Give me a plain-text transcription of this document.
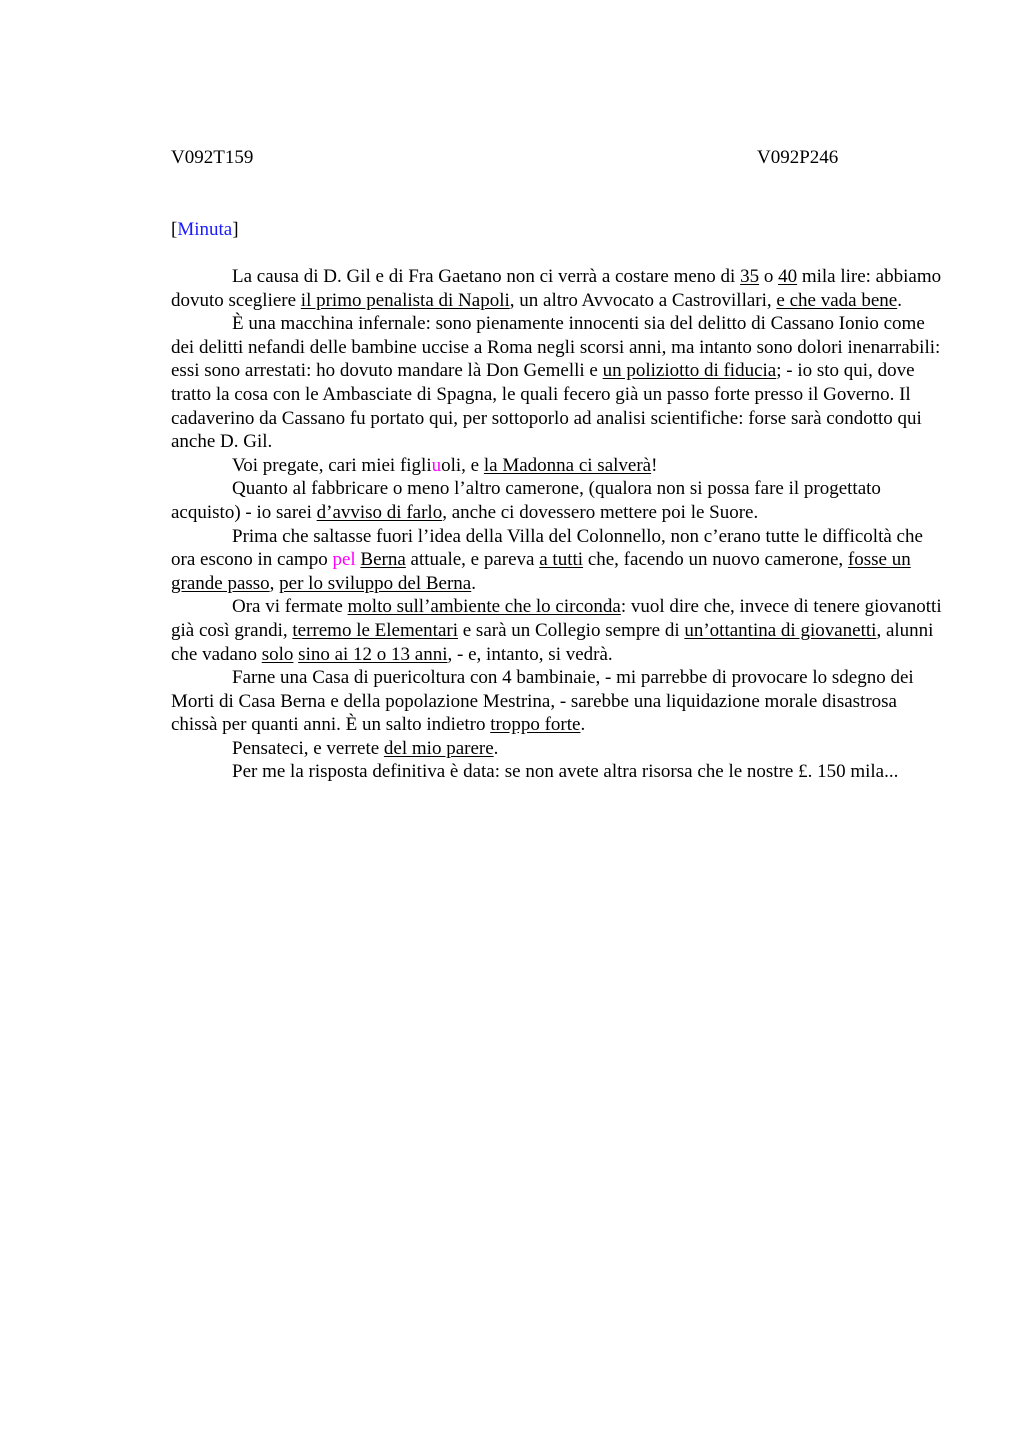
V092T159	V092P246
[Minuta]

La causa di D. Gil e di Fra Gaetano non ci verrà a costare meno di 35 o 40 mila lire: abbiamo dovuto scegliere il primo penalista di Napoli, un altro Avvocato a Castrovillari, e che vada bene.

È una macchina infernale: sono pienamente innocenti sia del delitto di Cassano Ionio come dei delitti nefandi delle bambine uccise a Roma negli scorsi anni, ma intanto sono dolori inenarrabili: essi sono arrestati: ho dovuto mandare là Don Gemelli e un poliziotto di fiducia; - io sto qui, dove tratto la cosa con le Ambasciate di Spagna, le quali fecero già un passo forte presso il Governo. Il cadaverino da Cassano fu portato qui, per sottoporlo ad analisi scientifiche: forse sarà condotto qui anche D. Gil.

Voi pregate, cari miei figliuoli, e la Madonna ci salverà!

Quanto al fabbricare o meno l’altro camerone, (qualora non si possa fare il progettato acquisto) - io sarei d’avviso di farlo, anche ci dovessero mettere poi le Suore.

Prima che saltasse fuori l’idea della Villa del Colonnello, non c’erano tutte le difficoltà che ora escono in campo pel Berna attuale, e pareva a tutti che, facendo un nuovo camerone, fosse un grande passo, per lo sviluppo del Berna.

Ora vi fermate molto sull’ambiente che lo circonda: vuol dire che, invece di tenere giovanotti già così grandi, terremo le Elementari e sarà un Collegio sempre di un’ottantina di giovanetti, alunni che vadano solo sino ai 12 o 13 anni, - e, intanto, si vedrà.

Farne una Casa di puericoltura con 4 bambinaie, - mi parrebbe di provocare lo sdegno dei Morti di Casa Berna e della popolazione Mestrina, - sarebbe una liquidazione morale disastrosa chissà per quanti anni. È un salto indietro troppo forte.

Pensateci, e verrete del mio parere.

Per me la risposta definitiva è data: se non avete altra risorsa che le nostre £. 150 mila...
